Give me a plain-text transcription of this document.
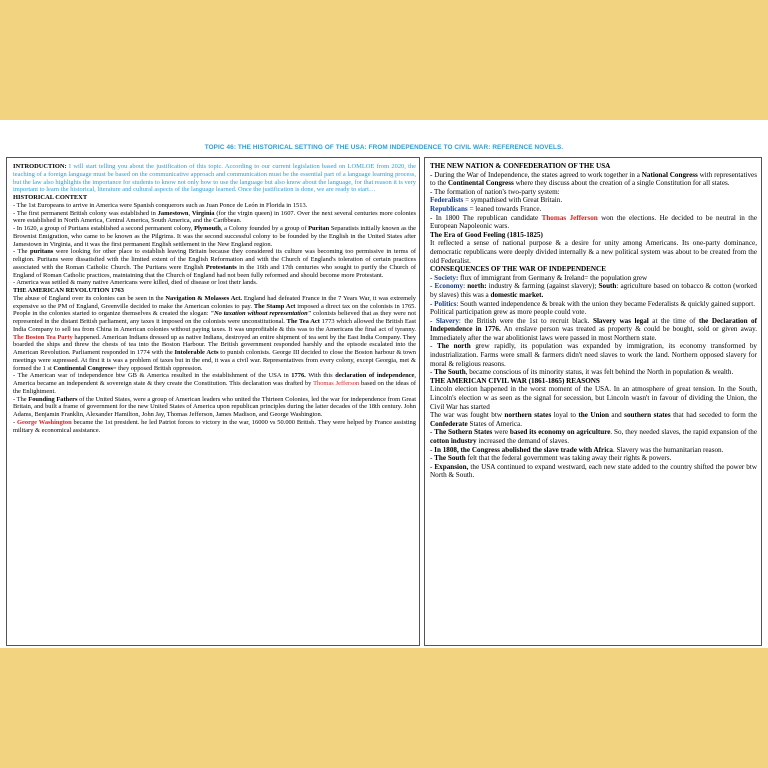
TOPIC 46: THE HISTORICAL SETTING OF THE USA: FROM INDEPENDENCE TO CIVIL WAR: REFERENCE NOVELS.

INTRODUCTION: I will start telling you about the justification of this topic. According to our current legislation based on LOMLOE from 2020, the teaching of a foreign language must be based on the communicative approach and communication must be the essential part of a language learning process, but the law also highlights the importance for students to know not only how to use the language but also know about the language, for that reason it is very important to learn the historical, literature and cultural aspects of the language learned. Once the justification is done, we are ready to start…

HISTORICAL CONTEXT

- The 1st Europeans to arrive in America were Spanish conquerors such as Juan Ponce de León in Florida in 1513.

- The first permanent British colony was established in Jamestown, Virginia (for the virgin queen) in 1607. Over the next several centuries more colonies were established in North America, Central America, South America, and the Caribbean.

- In 1620, a group of Puritans established a second permanent colony, Plymouth, a Colony founded by a group of Puritan Separatists initially known as the Brownist Emigration, who came to be known as the Pilgrims. It was the second successful colony to be founded by the English in the United States after Jamestown in Virginia, and it was the first permanent English settlement in the New England region.

- The puritans were looking for other place to establish leaving Britain because they considered its culture was becoming too permissive in terms of religion. Puritans were dissatisfied with the limited extent of the English Reformation and with the Church of England's toleration of certain practices associated with the Roman Catholic Church. The Puritans were English Protestants in the 16th and 17th centuries who sought to purify the Church of England of Roman Catholic practices, maintaining that the Church of England had not been fully reformed and should become more Protestant.

- America was settled & many native Americans were killed, died of disease or lost their lands.

THE AMERICAN REVOLUTION 1763

The abuse of England over its colonies can be seen in the Navigation & Molasses Act. England had defeated France in the 7 Years War, it was extremely expensive so the PM of England, Greenville decided to make the American colonies to pay. The Stamp Act imposed a direct tax on the colonists in 1765. People in the colonies started to organize themselves & created the slogan: "No taxation without representation" colonists believed that as they were not represented in the distant British parliament, any taxes it imposed on the colonists were unconstitutional. The Tea Act 1773 which allowed the British East India Company to sell tea from China in American colonies without paying taxes. It was unprofitable & this was to the Americans the final act of tyranny. The Boston Tea Party happened. American Indians dressed up as native Indians, destroyed an entire shipment of tea sent by the East India Company. They boarded the ships and threw the chests of tea into the Boston Harbour. The British government responded harshly and the episode escalated into the American Revolution. Parliament responded in 1774 with the Intolerable Acts to punish colonists. George III decided to close the Boston harbour & town meetings were supressed. At first it is was a problem of taxes but in the end, it was a civil war. Representatives from every colony, except Georgia, met & formed the 1 st Continental Congress= they opposed British oppression.

- The American war of independence btw GB & America resulted in the establishment of the USA in 1776. With this declaration of independence, America became an independent & sovereign state & they create the Constitution. This declaration was drafted by Thomas Jefferson based on the ideas of the Enlightment.

- The Founding Fathers of the United States, were a group of American leaders who united the Thirteen Colonies, led the war for independence from Great Britain, and built a frame of government for the new United States of America upon republican principles during the latter decades of the 18th century. John Adams, Benjamin Franklin, Alexander Hamilton, John Jay, Thomas Jefferson, James Madison, and George Washington.

- George Washington became the 1st president. he led Patriot forces to victory in the war, 16000 vs 50.000 British. They were helped by France assisting military & economical assistance.

THE NEW NATION & CONFEDERATION OF THE USA

- During the War of Independence, the states agreed to work together in a National Congress with representatives to the Continental Congress where they discuss about the creation of a single Constitution for all states.

- The formation of nation's two-party system:

Federalists = sympathised with Great Britain.

Republicans = leaned towards France.

- In 1800 The republican candidate Thomas Jefferson won the elections. He decided to be neutral in the European Napoleonic wars.

The Era of Good Feeling (1815-1825)

It reflected a sense of national purpose & a desire for unity among Americans. Its one-party dominance, democratic republicans were deeply divided internally & a new political system was about to be created from the old Federalist.

CONSEQUENCES OF THE WAR OF INDEPENDENCE

- Society: flux of immigrant from Germany & Ireland= the population grew

- Economy: north: industry & farming (against slavery); South: agriculture based on tobacco & cotton (worked by slaves) this was a domestic market.

- Politics: South wanted independence & break with the union they became Federalists & quickly gained support.

Political participation grew as more people could vote.

- Slavery: the British were the 1st to recruit black. Slavery was legal at the time of the Declaration of Independence in 1776. An enslave person was treated as property & could be bought, sold or given away. Immediately after the war abolitionist laws were passed in most Northern state.

- The north grew rapidly, its population was expanded by immigration, its economy transformed by industrialization. Farms were small & farmers didn't need slaves to work the land. Northern opposed slavery for moral & religious reasons.

- The South, became conscious of its minority status, it was felt behind the North in population & wealth.

THE AMERICAN CIVIL WAR (1861-1865) REASONS

Lincoln election happened in the worst moment of the USA. In an atmosphere of great tension. In the South, Lincoln's election w as seen as the signal for secession, but Lincoln wasn't in favour of dividing the Union, the Civil War has started

The war was fought btw northern states loyal to the Union and southern states that had seceded to form the Confederate States of America.

- The Sothern States were based its economy on agriculture. So, they needed slaves, the rapid expansion of the cotton industry increased the demand of slaves.

- In 1808, the Congress abolished the slave trade with Africa. Slavery was the humanitarian reason.

- The South felt that the federal government was taking away their rights & powers.

- Expansion, the USA continued to expand westward, each new state added to the country shifted the power btw North & South.
